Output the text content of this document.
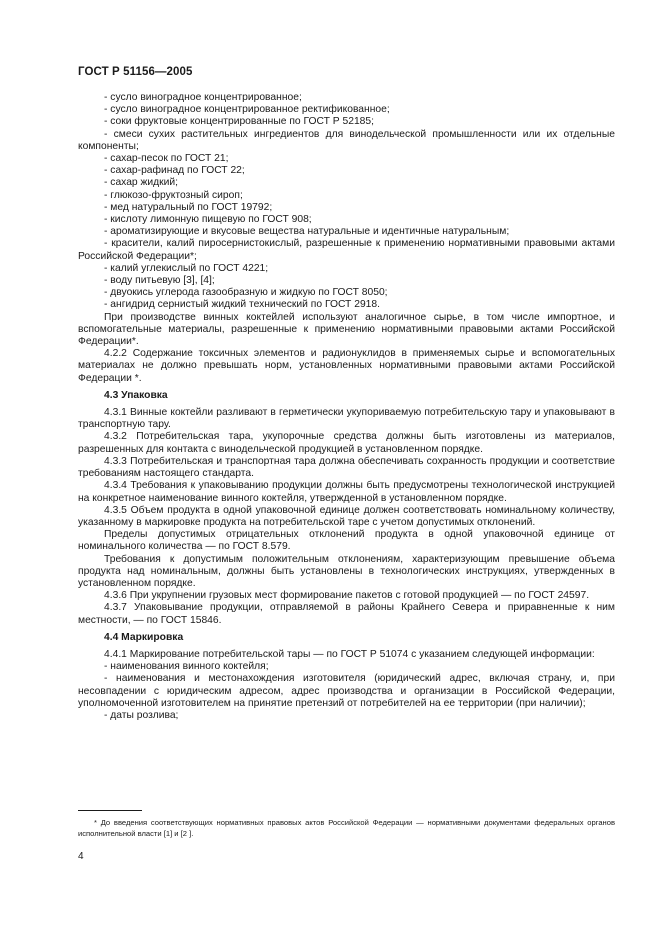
ГОСТ Р 51156—2005

- сусло виноградное концентрированное;

- сусло виноградное концентрированное ректификованное;

- соки фруктовые концентрированные по ГОСТ Р 52185;

- смеси сухих растительных ингредиентов для винодельческой промышленности или их отдельные компоненты;

- сахар-песок по ГОСТ 21;

- сахар-рафинад по ГОСТ 22;

- сахар жидкий;

- глюкозо-фруктозный сироп;

- мед натуральный по ГОСТ 19792;

- кислоту лимонную пищевую по ГОСТ 908;

- ароматизирующие и вкусовые вещества натуральные и идентичные натуральным;

- красители, калий пиросернистокислый, разрешенные к применению нормативными правовыми актами Российской Федерации*;

- калий углекислый по ГОСТ 4221;

- воду питьевую [3], [4];

- двуокись углерода газообразную и жидкую по ГОСТ 8050;

- ангидрид сернистый жидкий технический по ГОСТ 2918.

При производстве винных коктейлей используют аналогичное сырье, в том числе импортное, и вспомогательные материалы, разрешенные к применению нормативными правовыми актами Российской Федерации*.

4.2.2 Содержание токсичных элементов и радионуклидов в применяемых сырье и вспомогательных материалах не должно превышать норм, установленных нормативными правовыми актами Российской Федерации *.

4.3 Упаковка

4.3.1 Винные коктейли разливают в герметически укупориваемую потребительскую тару и упаковывают в транспортную тару.

4.3.2 Потребительская тара, укупорочные средства должны быть изготовлены из материалов, разрешенных для контакта с винодельческой продукцией в установленном порядке.

4.3.3 Потребительская и транспортная тара должна обеспечивать сохранность продукции и соответствие требованиям настоящего стандарта.

4.3.4 Требования к упаковыванию продукции должны быть предусмотрены технологической инструкцией на конкретное наименование винного коктейля, утвержденной в установленном порядке.

4.3.5 Объем продукта в одной упаковочной единице должен соответствовать номинальному количеству, указанному в маркировке продукта на потребительской таре с учетом допустимых отклонений.

Пределы допустимых отрицательных отклонений продукта в одной упаковочной единице от номинального количества — по ГОСТ 8.579.

Требования к допустимым положительным отклонениям, характеризующим превышение объема продукта над номинальным, должны быть установлены в технологических инструкциях, утвержденных в установленном порядке.

4.3.6 При укрупнении грузовых мест формирование пакетов с готовой продукцией — по ГОСТ 24597.

4.3.7 Упаковывание продукции, отправляемой в районы Крайнего Севера и приравненные к ним местности, — по ГОСТ 15846.

4.4 Маркировка

4.4.1 Маркирование потребительской тары — по ГОСТ Р 51074 с указанием следующей информации:

- наименования винного коктейля;

- наименования и местонахождения изготовителя (юридический адрес, включая страну, и, при несовпадении с юридическим адресом, адрес производства и организации в Российской Федерации, уполномоченной изготовителем на принятие претензий от потребителей на ее территории (при наличии);

- даты розлива;

* До введения соответствующих нормативных правовых актов Российской Федерации — нормативными документами федеральных органов исполнительной власти [1] и [2 ].
4
